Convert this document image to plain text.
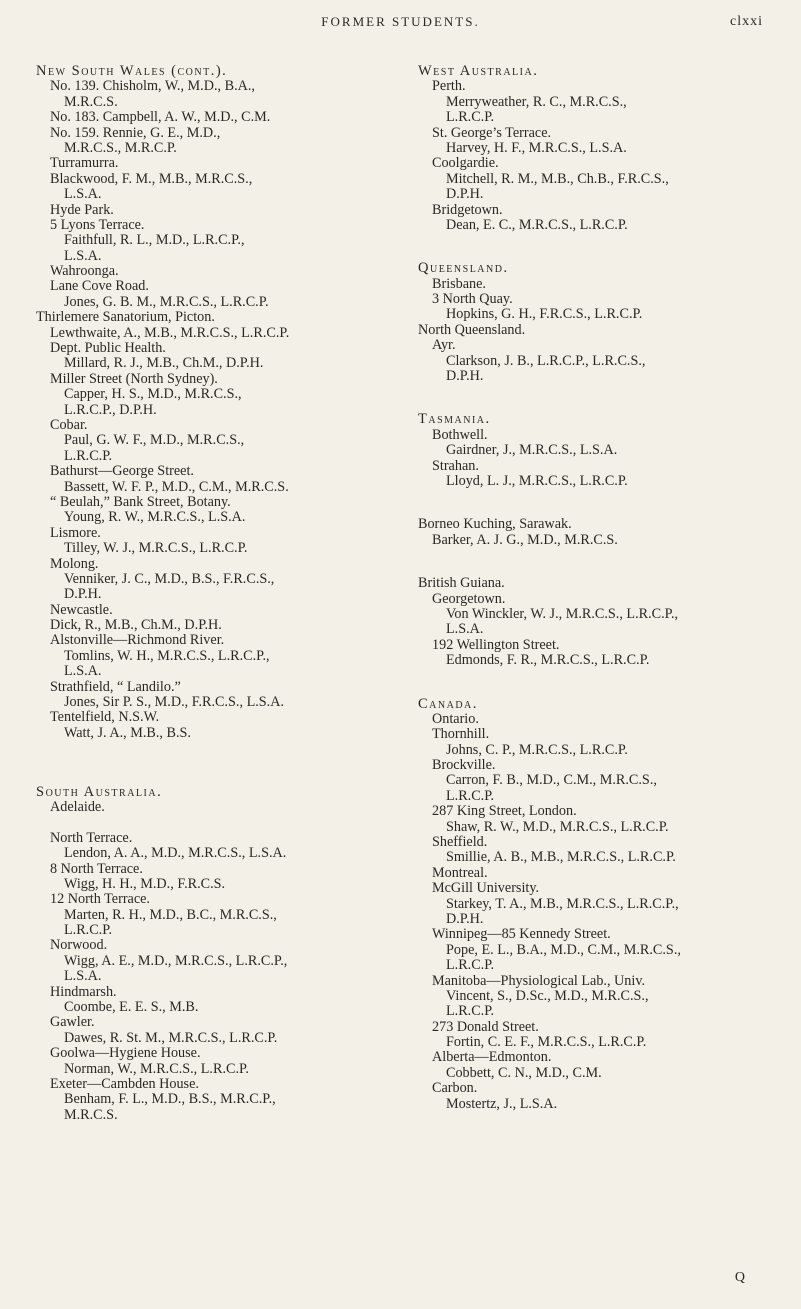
FORMER STUDENTS.	clxxi
New South Wales (cont.).
No. 139. Chisholm, W., M.D., B.A.,
M.R.C.S.
No. 183. Campbell, A. W., M.D., C.M.
No. 159. Rennie, G. E., M.D.,
M.R.C.S., M.R.C.P.
Turramurra.
Blackwood, F. M., M.B., M.R.C.S.,
L.S.A.
Hyde Park.
5 Lyons Terrace.
Faithfull, R. L., M.D., L.R.C.P.,
L.S.A.
Wahroonga.
Lane Cove Road.
Jones, G. B. M., M.R.C.S., L.R.C.P.
Thirlemere Sanatorium, Picton.
Lewthwaite, A., M.B., M.R.C.S., L.R.C.P.
Dept. Public Health.
Millard, R. J., M.B., Ch.M., D.P.H.
Miller Street (North Sydney).
Capper, H. S., M.D., M.R.C.S.,
L.R.C.P., D.P.H.
Cobar.
Paul, G. W. F., M.D., M.R.C.S.,
L.R.C.P.
Bathurst—George Street.
Bassett, W. F. P., M.D., C.M., M.R.C.S.
“ Beulah,” Bank Street, Botany.
Young, R. W., M.R.C.S., L.S.A.
Lismore.
Tilley, W. J., M.R.C.S., L.R.C.P.
Molong.
Venniker, J. C., M.D., B.S., F.R.C.S.,
D.P.H.
Newcastle.
Dick, R., M.B., Ch.M., D.P.H.
Alstonville—Richmond River.
Tomlins, W. H., M.R.C.S., L.R.C.P.,
L.S.A.
Strathfield, “ Landilo.”
Jones, Sir P. S., M.D., F.R.C.S., L.S.A.
Tentelfield, N.S.W.
Watt, J. A., M.B., B.S.
South Australia.
Adelaide.
North Terrace.
Lendon, A. A., M.D., M.R.C.S., L.S.A.
8 North Terrace.
Wigg, H. H., M.D., F.R.C.S.
12 North Terrace.
Marten, R. H., M.D., B.C., M.R.C.S.,
L.R.C.P.
Norwood.
Wigg, A. E., M.D., M.R.C.S., L.R.C.P.,
L.S.A.
Hindmarsh.
Coombe, E. E. S., M.B.
Gawler.
Dawes, R. St. M., M.R.C.S., L.R.C.P.
Goolwa—Hygiene House.
Norman, W., M.R.C.S., L.R.C.P.
Exeter—Cambden House.
Benham, F. L., M.D., B.S., M.R.C.P.,
M.R.C.S.
West Australia.
Perth.
Merryweather, R. C., M.R.C.S.,
L.R.C.P.
St. George’s Terrace.
Harvey, H. F., M.R.C.S., L.S.A.
Coolgardie.
Mitchell, R. M., M.B., Ch.B., F.R.C.S.,
D.P.H.
Bridgetown.
Dean, E. C., M.R.C.S., L.R.C.P.
Queensland.
Brisbane.
3 North Quay.
Hopkins, G. H., F.R.C.S., L.R.C.P.
North Queensland.
Ayr.
Clarkson, J. B., L.R.C.P., L.R.C.S.,
D.P.H.
Tasmania.
Bothwell.
Gairdner, J., M.R.C.S., L.S.A.
Strahan.
Lloyd, L. J., M.R.C.S., L.R.C.P.
Borneo Kuching, Sarawak.
Barker, A. J. G., M.D., M.R.C.S.
British Guiana.
Georgetown.
Von Winckler, W. J., M.R.C.S., L.R.C.P.,
L.S.A.
192 Wellington Street.
Edmonds, F. R., M.R.C.S., L.R.C.P.
Canada.
Ontario.
Thornhill.
Johns, C. P., M.R.C.S., L.R.C.P.
Brockville.
Carron, F. B., M.D., C.M., M.R.C.S.,
L.R.C.P.
287 King Street, London.
Shaw, R. W., M.D., M.R.C.S., L.R.C.P.
Sheffield.
Smillie, A. B., M.B., M.R.C.S., L.R.C.P.
Montreal.
McGill University.
Starkey, T. A., M.B., M.R.C.S., L.R.C.P.,
D.P.H.
Winnipeg—85 Kennedy Street.
Pope, E. L., B.A., M.D., C.M., M.R.C.S.,
L.R.C.P.
Manitoba—Physiological Lab., Univ.
Vincent, S., D.Sc., M.D., M.R.C.S.,
L.R.C.P.
273 Donald Street.
Fortin, C. E. F., M.R.C.S., L.R.C.P.
Alberta—Edmonton.
Cobbett, C. N., M.D., C.M.
Carbon.
Mostertz, J., L.S.A.
Q
